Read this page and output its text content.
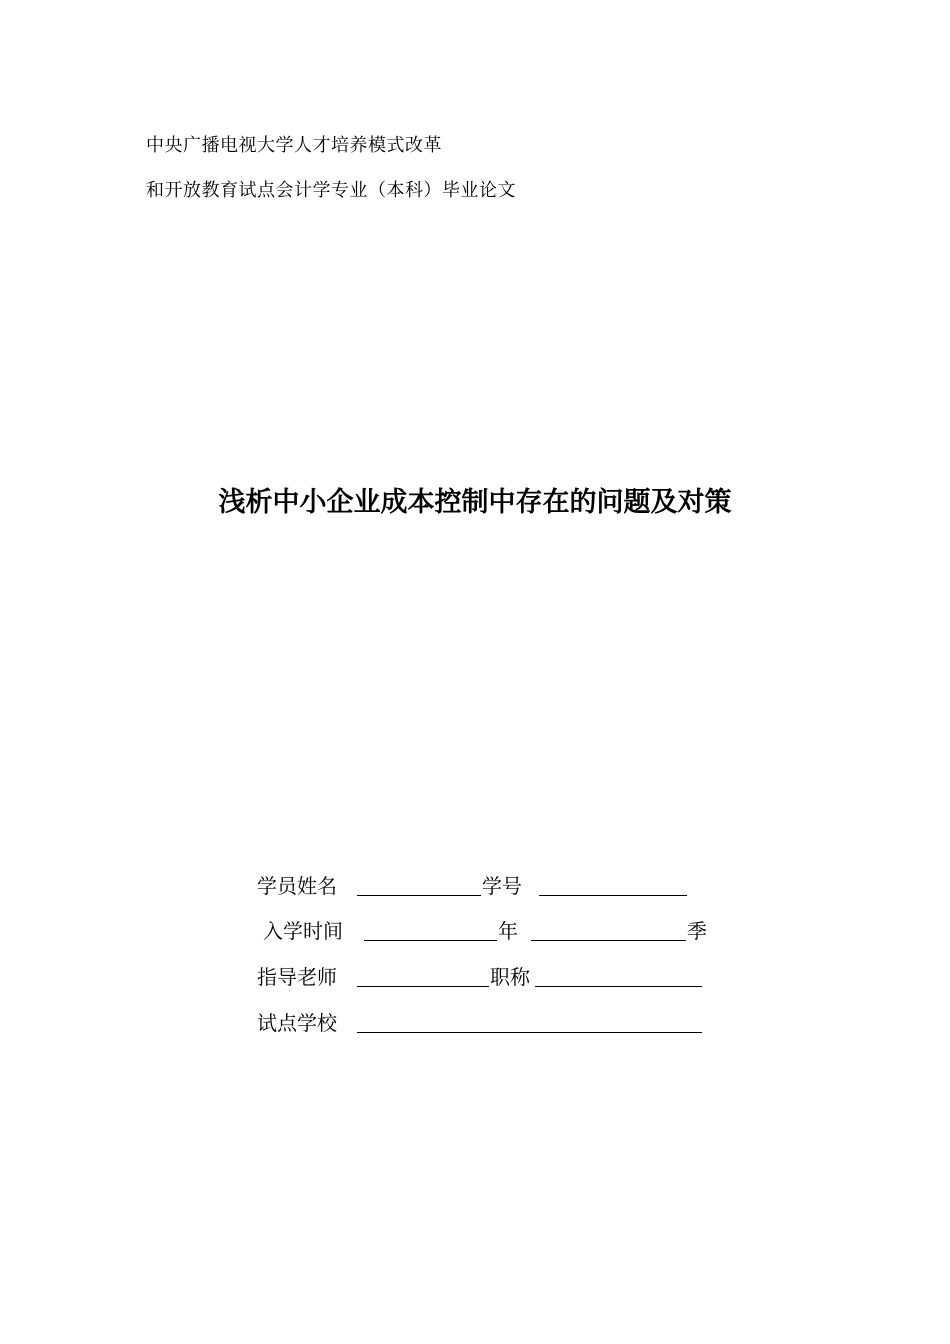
中央广播电视大学人才培养模式改革
和开放教育试点会计学专业（本科）毕业论文
浅析中小企业成本控制中存在的问题及对策
学员姓名	学号
入学时间	年	季
指导老师	职称
试点学校
